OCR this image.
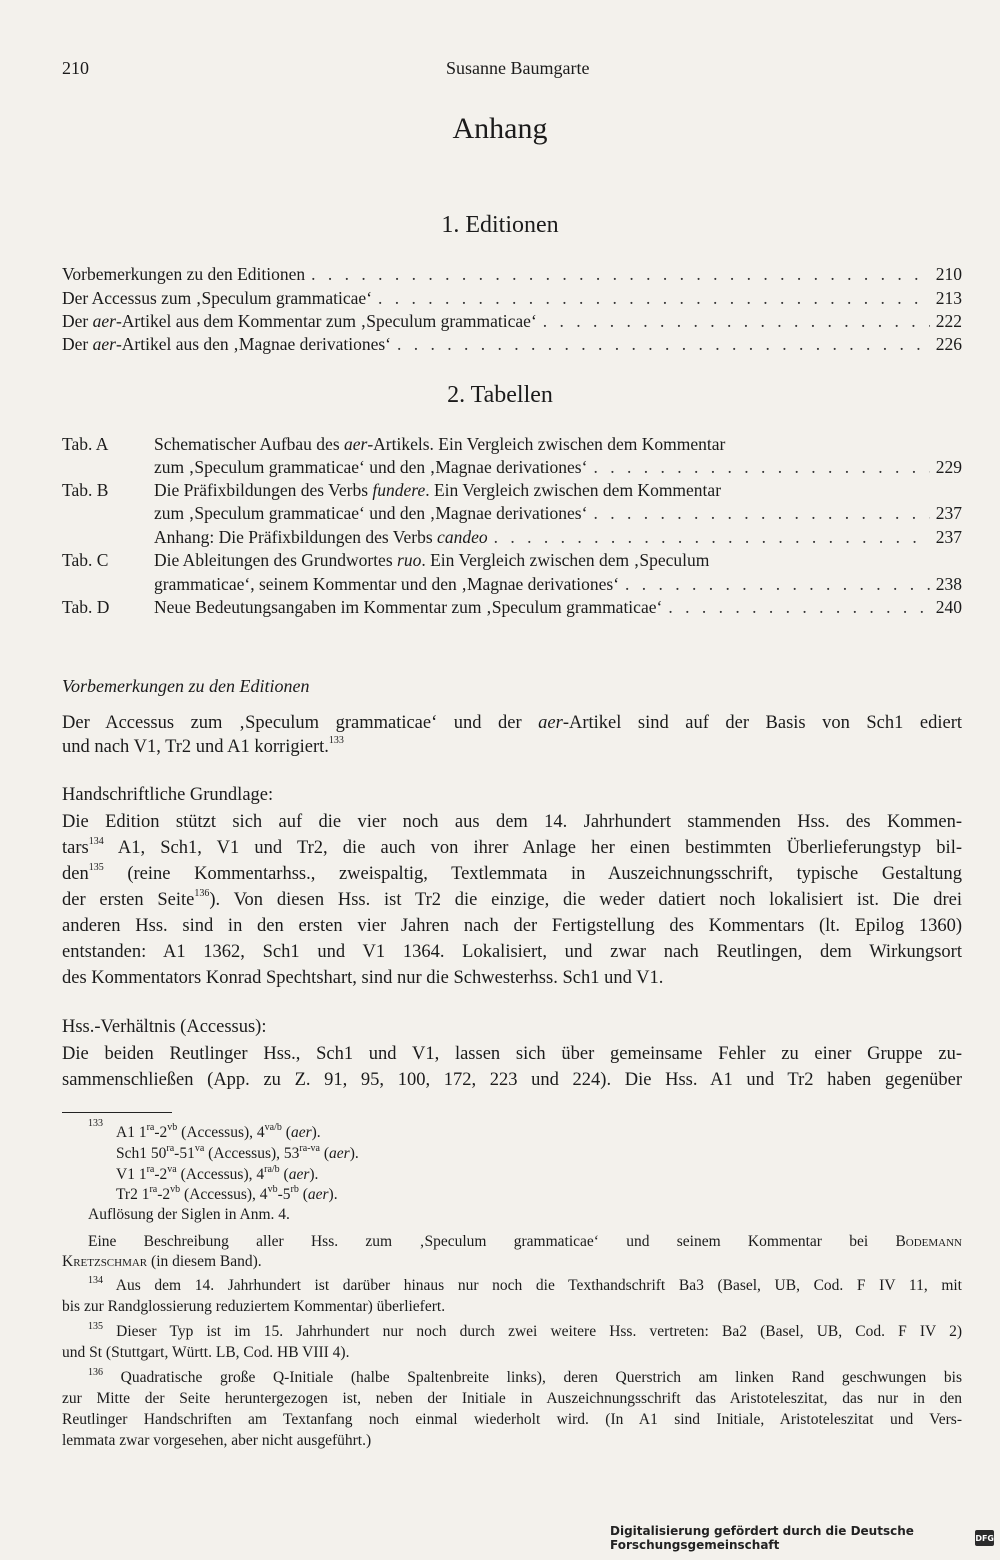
210	Susanne Baumgarte
Anhang
1. Editionen
Vorbemerkungen zu den Editionen . . .	210
Der Accessus zum ‚Speculum grammaticae‘ . . .	213
Der aer-Artikel aus dem Kommentar zum ‚Speculum grammaticae‘ . . .	222
Der aer-Artikel aus den ‚Magnae derivationes‘ . . .	226
2. Tabellen
Tab. A	Schematischer Aufbau des aer-Artikels. Ein Vergleich zwischen dem Kommentar
zum ‚Speculum grammaticae‘ und den ‚Magnae derivationes‘ . . .	229
Tab. B	Die Präfixbildungen des Verbs fundere. Ein Vergleich zwischen dem Kommentar
zum ‚Speculum grammaticae‘ und den ‚Magnae derivationes‘ . . .	237
Anhang: Die Präfixbildungen des Verbs candeo . . .	237
Tab. C	Die Ableitungen des Grundwortes ruo. Ein Vergleich zwischen dem ‚Speculum
grammaticae‘, seinem Kommentar und den ‚Magnae derivationes‘ . . .	238
Tab. D	Neue Bedeutungsangaben im Kommentar zum ‚Speculum grammaticae‘ . . .	240
Vorbemerkungen zu den Editionen
Der Accessus zum ‚Speculum grammaticae‘ und der aer-Artikel sind auf der Basis von Sch1 ediert
und nach V1, Tr2 und A1 korrigiert.$^{133}$
Handschriftliche Grundlage:
Die Edition stützt sich auf die vier noch aus dem 14. Jahrhundert stammenden Hss. des Kommen-
tars$^{134}$ A1, Sch1, V1 und Tr2, die auch von ihrer Anlage her einen bestimmten Überlieferungstyp bil-
den$^{135}$ (reine Kommentarhss., zweispaltig, Textlemmata in Auszeichnungsschrift, typische Gestaltung
der ersten Seite$^{136}$). Von diesen Hss. ist Tr2 die einzige, die weder datiert noch lokalisiert ist. Die drei
anderen Hss. sind in den ersten vier Jahren nach der Fertigstellung des Kommentars (lt. Epilog 1360)
entstanden: A1 1362, Sch1 und V1 1364. Lokalisiert, und zwar nach Reutlingen, dem Wirkungsort
des Kommentators Konrad Spechtshart, sind nur die Schwesterhss. Sch1 und V1.
Hss.-Verhältnis (Accessus):
Die beiden Reutlinger Hss., Sch1 und V1, lassen sich über gemeinsame Fehler zu einer Gruppe zu-
sammenschließen (App. zu Z. 91, 95, 100, 172, 223 und 224). Die Hss. A1 und Tr2 haben gegenüber
$^{133}$
A1 $1^{ra}-2^{vb}$ (Accessus), $4^{va/b}$ (aer).
Sch1 $50^{ra}-51^{va}$ (Accessus), $53^{ra-va}$ (aer).
V1 $1^{ra}-2^{va}$ (Accessus), $4^{ra/b}$ (aer).
Tr2 $1^{ra}-2^{vb}$ (Accessus), $4^{vb}-5^{rb}$ (aer).
Auflösung der Siglen in Anm. 4.
Eine Beschreibung aller Hss. zum ‚Speculum grammaticae‘ und seinem Kommentar bei Bodemann
Kretzschmar (in diesem Band).
$^{134}$ Aus dem 14. Jahrhundert ist darüber hinaus nur noch die Texthandschrift Ba3 (Basel, UB, Cod. F IV 11, mit
bis zur Randglossierung reduziertem Kommentar) überliefert.
$^{135}$ Dieser Typ ist im 15. Jahrhundert nur noch durch zwei weitere Hss. vertreten: Ba2 (Basel, UB, Cod. F IV 2)
und St (Stuttgart, Württ. LB, Cod. HB VIII 4).
$^{136}$ Quadratische große Q-Initiale (halbe Spaltenbreite links), deren Querstrich am linken Rand geschwungen bis
zur Mitte der Seite heruntergezogen ist, neben der Initiale in Auszeichnungsschrift das Aristoteleszitat, das nur in den
Reutlinger Handschriften am Textanfang noch einmal wiederholt wird. (In A1 sind Initiale, Aristoteleszitat und Vers-
lemmata zwar vorgesehen, aber nicht ausgeführt.)
Digitalisierung gefördert durch die Deutsche Forschungsgemeinschaft	DFG
